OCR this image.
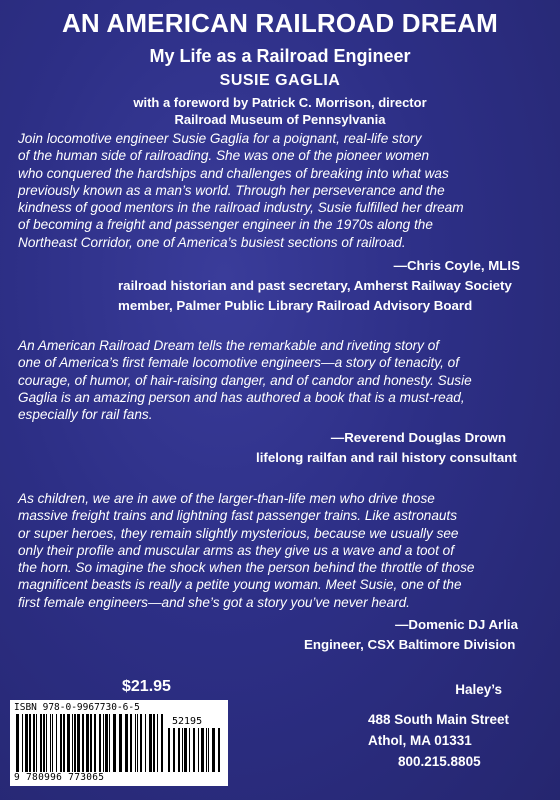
AN AMERICAN RAILROAD DREAM
My Life as a Railroad Engineer
SUSIE GAGLIA
with a foreword by Patrick C. Morrison, director
Railroad Museum of Pennsylvania
Join locomotive engineer Susie Gaglia for a poignant, real-life story
of the human side of railroading. She was one of the pioneer women
who conquered the hardships and challenges of breaking into what was
previously known as a man’s world. Through her perseverance and the
kindness of good mentors in the railroad industry, Susie fulfilled her dream
of becoming a freight and passenger engineer in the 1970s along the
Northeast Corridor, one of America’s busiest sections of railroad.
—Chris Coyle, MLIS
railroad historian and past secretary, Amherst Railway Society
member, Palmer Public Library Railroad Advisory Board
An American Railroad Dream tells the remarkable and riveting story of
one of America’s first female locomotive engineers—a story of tenacity, of
courage, of humor, of hair-raising danger, and of candor and honesty. Susie
Gaglia is an amazing person and has authored a book that is a must-read,
especially for rail fans.
—Reverend Douglas Drown
lifelong railfan and rail history consultant
As children, we are in awe of the larger-than-life men who drive those
massive freight trains and lightning fast passenger trains. Like astronauts
or super heroes, they remain slightly mysterious, because we usually see
only their profile and muscular arms as they give us a wave and a toot of
the horn. So imagine the shock when the person behind the throttle of those
magnificent beasts is really a petite young woman. Meet Susie, one of the
first female engineers—and she’s got a story you’ve never heard.
—Domenic DJ Arlia
Engineer, CSX Baltimore Division
$21.95
ISBN 978-0-9967730-6-5
52195
9 780996 773065
Haley’s
488 South Main Street
Athol, MA 01331
800.215.8805
